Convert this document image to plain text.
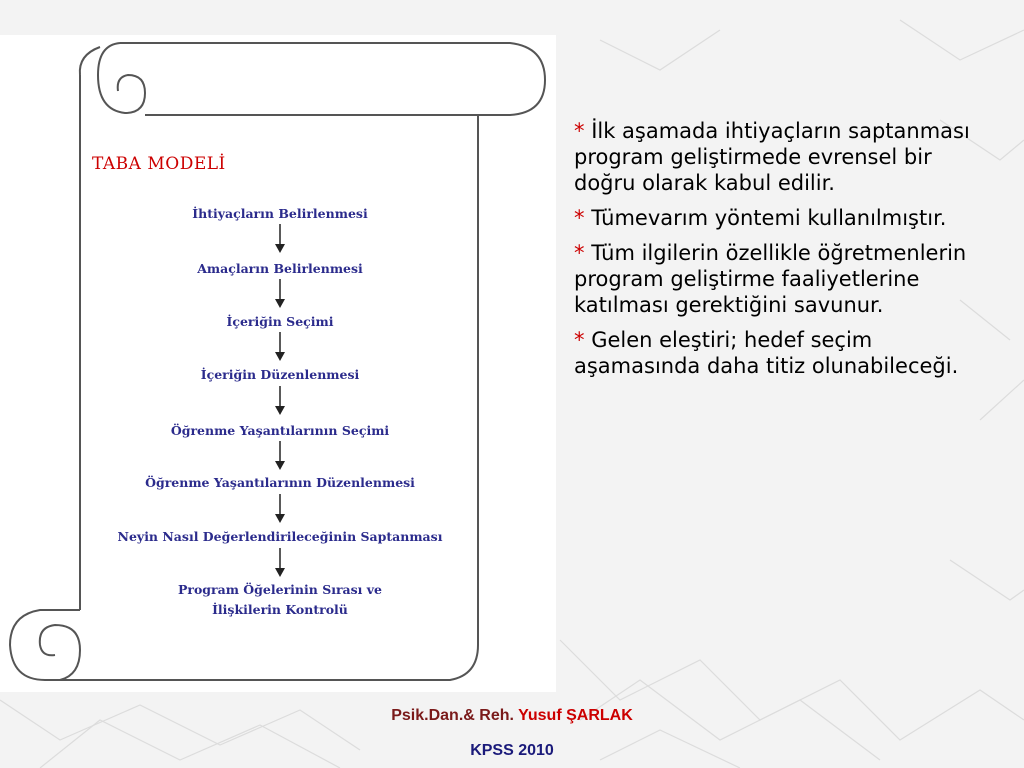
TABA MODELİ
İhtiyaçların Belirlenmesi
Amaçların Belirlenmesi
İçeriğin Seçimi
İçeriğin Düzenlenmesi
Öğrenme Yaşantılarının Seçimi
Öğrenme Yaşantılarının Düzenlenmesi
Neyin Nasıl Değerlendirileceğinin Saptanması
Program Öğelerinin Sırası ve
İlişkilerin Kontrolü
* İlk aşamada ihtiyaçların saptanması program geliştirmede evrensel bir doğru olarak kabul edilir.
* Tümevarım yöntemi kullanılmıştır.
* Tüm ilgilerin özellikle öğretmenlerin program geliştirme faaliyetlerine katılması gerektiğini savunur.
* Gelen eleştiri; hedef seçim aşamasında daha titiz olunabileceği.
Psik.Dan.& Reh. Yusuf ŞARLAK
KPSS 2010
